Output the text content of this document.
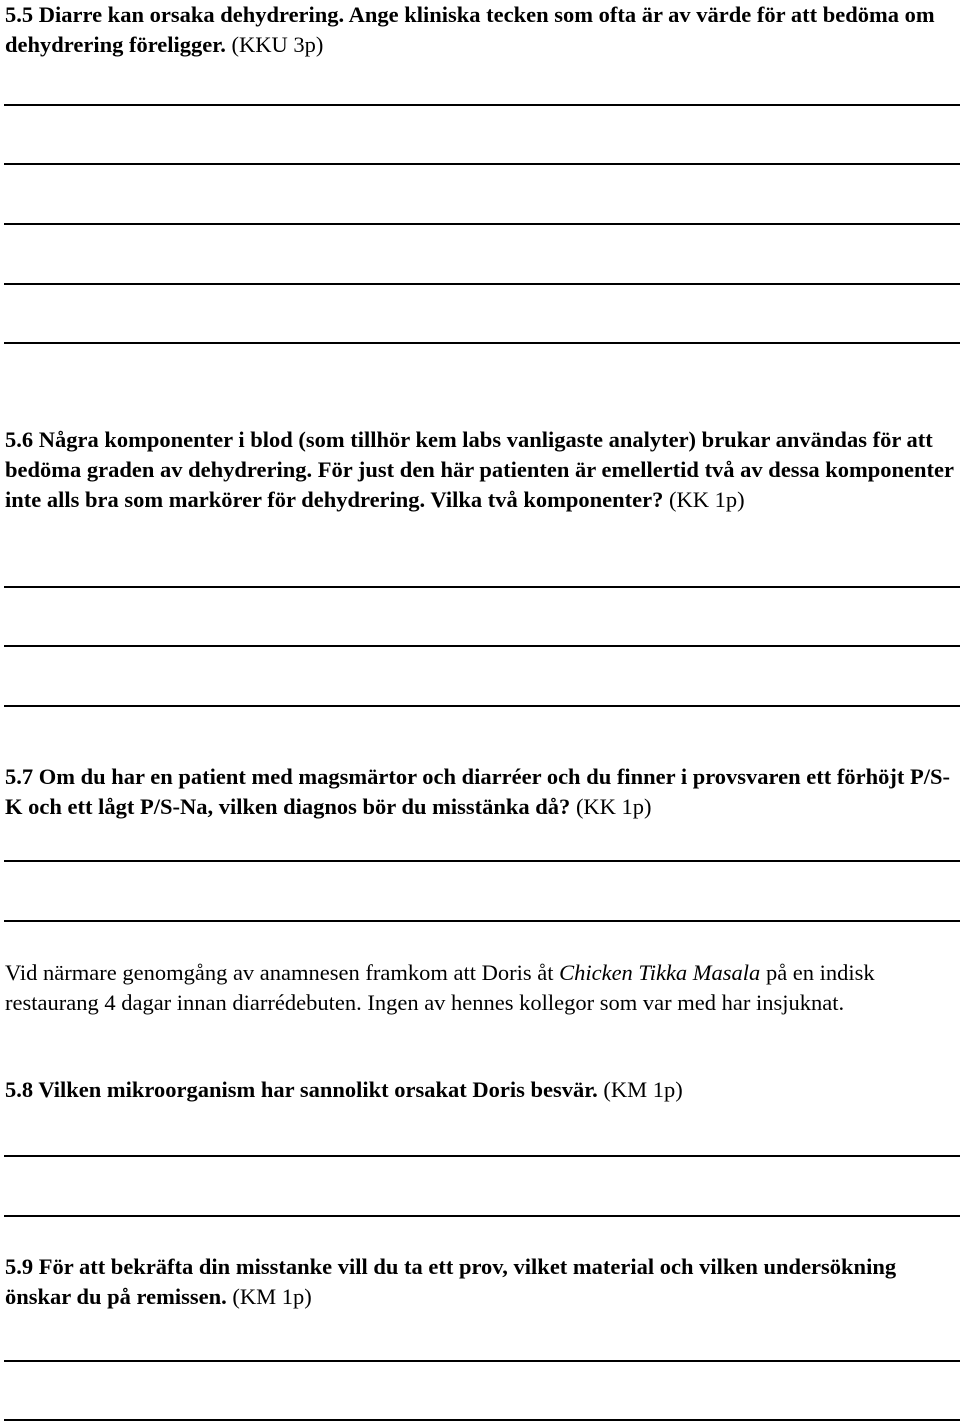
5.5 Diarre kan orsaka dehydrering. Ange kliniska tecken som ofta är av värde för att bedöma om dehydrering föreligger. (KKU 3p)

5.6 Några komponenter i blod (som tillhör kem labs vanligaste analyter) brukar användas för att bedöma graden av dehydrering. För just den här patienten är emellertid två av dessa komponenter inte alls bra som markörer för dehydrering. Vilka två komponenter? (KK 1p)

5.7 Om du har en patient med magsmärtor och diarréer och du finner i provsvaren ett förhöjt P/S-K och ett lågt P/S-Na, vilken diagnos bör du misstänka då? (KK 1p)

Vid närmare genomgång av anamnesen framkom att Doris åt Chicken Tikka Masala på en indisk restaurang 4 dagar innan diarrédebuten. Ingen av hennes kollegor som var med har insjuknat.

5.8 Vilken mikroorganism har sannolikt orsakat Doris besvär. (KM 1p)

5.9 För att bekräfta din misstanke vill du ta ett prov, vilket material och vilken undersökning önskar du på remissen. (KM 1p)
